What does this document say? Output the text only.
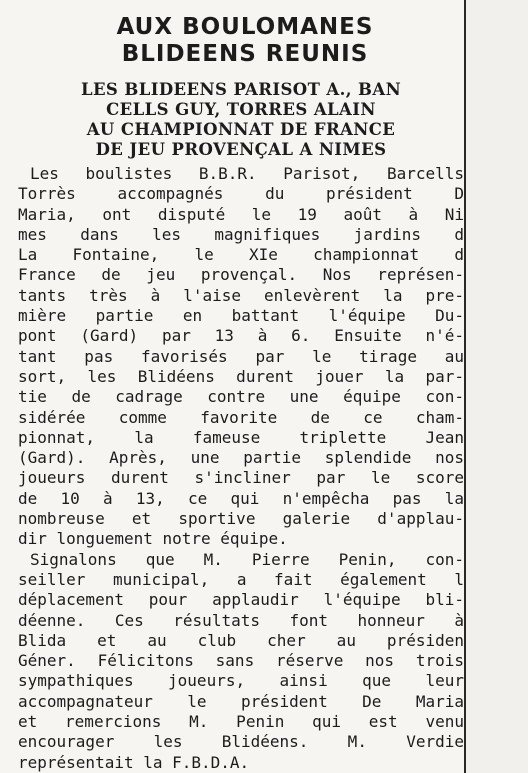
AUX BOULOMANES
BLIDEENS REUNIS
LES BLIDEENS PARISOT A., BAN
CELLS GUY, TORRES ALAIN
AU CHAMPIONNAT DE FRANCE
DE JEU PROVENÇAL A NIMES
Les boulistes B.B.R. Parisot, Barcells
Torrès accompagnés du président D
Maria, ont disputé le 19 août à Ni
mes dans les magnifiques jardins d
La Fontaine, le XIe championnat d
France de jeu provençal. Nos représen-
tants très à l'aise enlevèrent la pre-
mière partie en battant l'équipe Du-
pont (Gard) par 13 à 6. Ensuite n'é-
tant pas favorisés par le tirage au
sort, les Blidéens durent jouer la par-
tie de cadrage contre une équipe con-
sidérée comme favorite de ce cham-
pionnat, la fameuse triplette Jean
(Gard). Après, une partie splendide nos
joueurs durent s'incliner par le score
de 10 à 13, ce qui n'empêcha pas la
nombreuse et sportive galerie d'applau-
dir longuement notre équipe.
Signalons que M. Pierre Penin, con-
seiller municipal, a fait également l
déplacement pour applaudir l'équipe bli-
déenne. Ces résultats font honneur à
Blida et au club cher au présiden
Géner. Félicitons sans réserve nos trois
sympathiques joueurs, ainsi que leur
accompagnateur le président De Maria
et remercions M. Penin qui est venu
encourager les Blidéens. M. Verdie
représentait la F.B.D.A.
